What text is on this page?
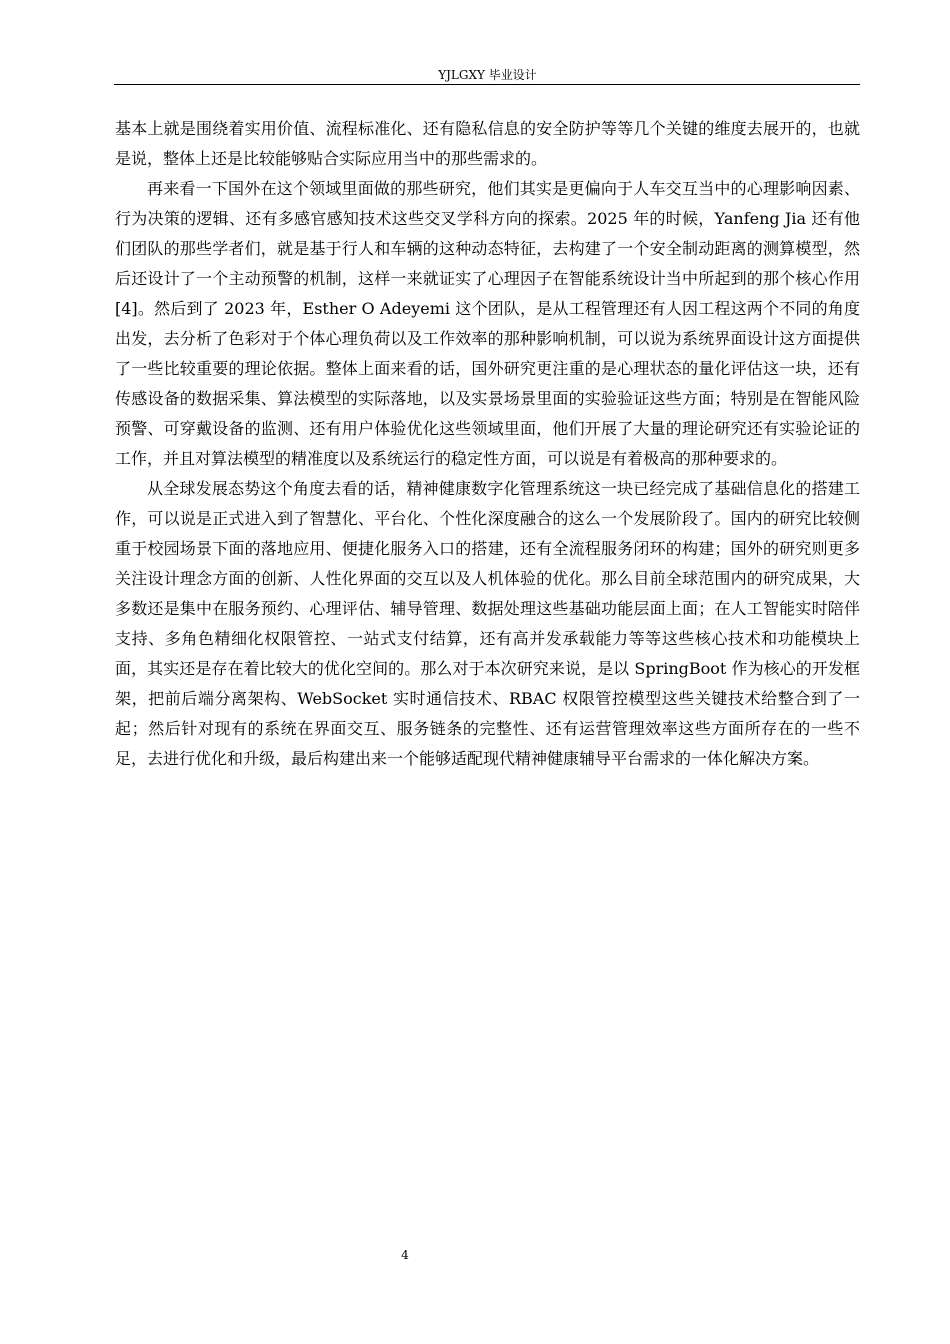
YJLGXY 毕业设计

基本上就是围绕着实用价值、流程标准化、还有隐私信息的安全防护等等几个关键的维度去展开的，也就是说，整体上还是比较能够贴合实际应用当中的那些需求的。

再来看一下国外在这个领域里面做的那些研究，他们其实是更偏向于人车交互当中的心理影响因素、行为决策的逻辑、还有多感官感知技术这些交叉学科方向的探索。2025 年的时候，Yanfeng Jia 还有他们团队的那些学者们，就是基于行人和车辆的这种动态特征，去构建了一个安全制动距离的测算模型，然后还设计了一个主动预警的机制，这样一来就证实了心理因子在智能系统设计当中所起到的那个核心作用[4]。然后到了 2023 年，Esther O Adeyemi 这个团队，是从工程管理还有人因工程这两个不同的角度出发，去分析了色彩对于个体心理负荷以及工作效率的那种影响机制，可以说为系统界面设计这方面提供了一些比较重要的理论依据。整体上面来看的话，国外研究更注重的是心理状态的量化评估这一块，还有传感设备的数据采集、算法模型的实际落地，以及实景场景里面的实验验证这些方面；特别是在智能风险预警、可穿戴设备的监测、还有用户体验优化这些领域里面，他们开展了大量的理论研究还有实验论证的工作，并且对算法模型的精准度以及系统运行的稳定性方面，可以说是有着极高的那种要求的。

从全球发展态势这个角度去看的话，精神健康数字化管理系统这一块已经完成了基础信息化的搭建工作，可以说是正式进入到了智慧化、平台化、个性化深度融合的这么一个发展阶段了。国内的研究比较侧重于校园场景下面的落地应用、便捷化服务入口的搭建，还有全流程服务闭环的构建；国外的研究则更多关注设计理念方面的创新、人性化界面的交互以及人机体验的优化。那么目前全球范围内的研究成果，大多数还是集中在服务预约、心理评估、辅导管理、数据处理这些基础功能层面上面；在人工智能实时陪伴支持、多角色精细化权限管控、一站式支付结算，还有高并发承载能力等等这些核心技术和功能模块上面，其实还是存在着比较大的优化空间的。那么对于本次研究来说，是以 SpringBoot 作为核心的开发框架，把前后端分离架构、WebSocket 实时通信技术、RBAC 权限管控模型这些关键技术给整合到了一起；然后针对现有的系统在界面交互、服务链条的完整性、还有运营管理效率这些方面所存在的一些不足，去进行优化和升级，最后构建出来一个能够适配现代精神健康辅导平台需求的一体化解决方案。

4
